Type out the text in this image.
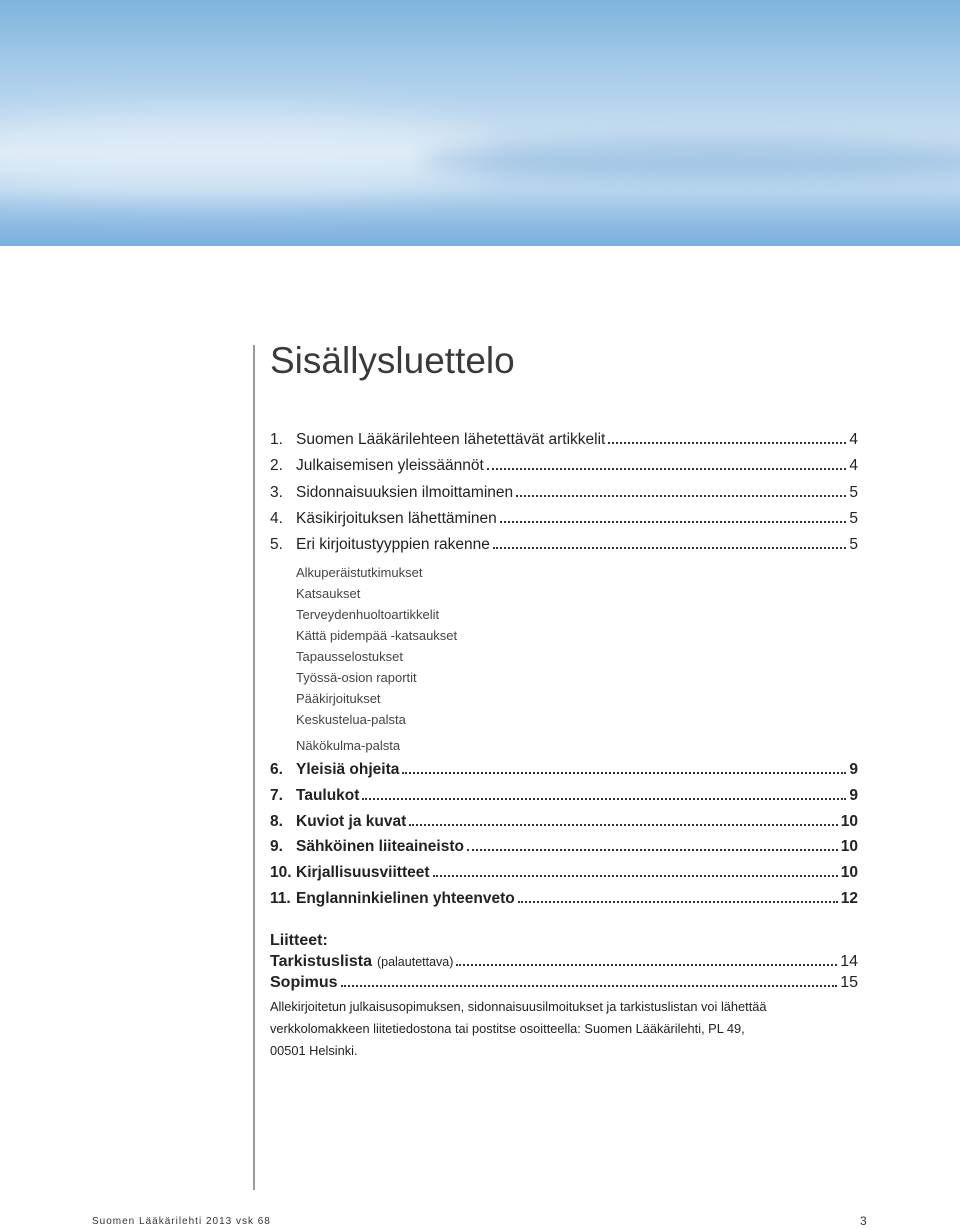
Sisällysluettelo
1. Suomen Lääkärilehteen lähetettävät artikkelit	4
2. Julkaisemisen yleissäännöt	4
3. Sidonnaisuuksien ilmoittaminen	5
4. Käsikirjoituksen lähettäminen	5
5. Eri kirjoitustyyppien rakenne	5
Alkuperäistutkimukset
Katsaukset
Terveydenhuoltoartikkelit
Kättä pidempää -katsaukset
Tapausselostukset
Työssä-osion raportit
Pääkirjoitukset
Keskustelua-palsta
Näkökulma-palsta
6. Yleisiä ohjeita	9
7. Taulukot	9
8. Kuviot ja kuvat	10
9. Sähköinen liiteaineisto	10
10. Kirjallisuusviitteet	10
11. Englanninkielinen yhteenveto	12
Liitteet:
Tarkistuslista (palautettava)	14
Sopimus	15

Allekirjoitetun julkaisusopimuksen, sidonnaisuusilmoitukset ja tarkistuslistan voi lähettää
verkkolomakkeen liitetiedostona tai postitse osoitteella: Suomen Lääkärilehti, PL 49,
00501 Helsinki.

Suomen Lääkärilehti 2013 vsk 68	3
